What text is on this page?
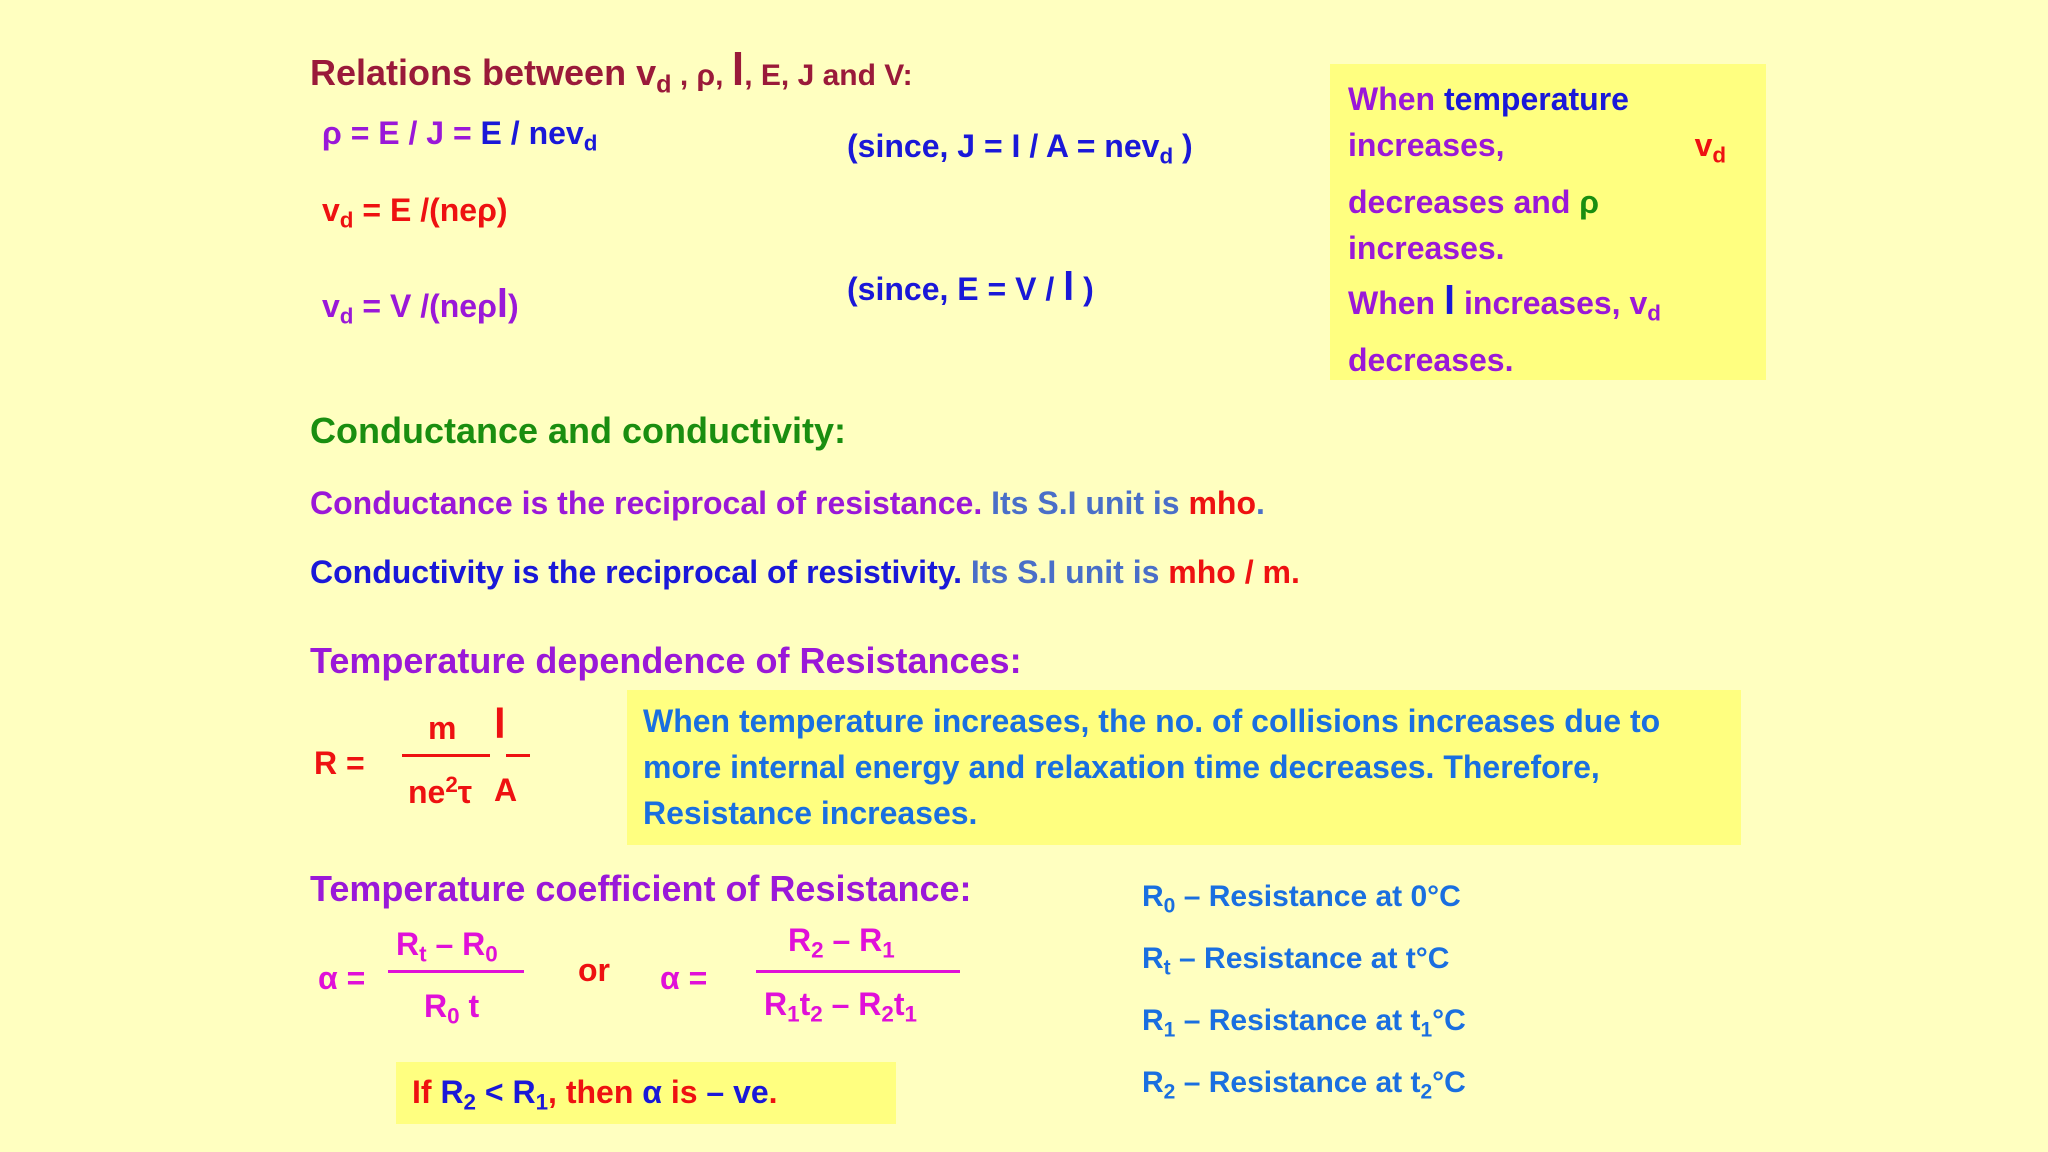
Relations between $v_d$ , ρ, l, E, J and V:
ρ = E / J = E / nev$_d$	(since, J = I / A = nev$_d$ )
$v_d = E$ /(neρ)
$v_d = V$ /(neρl)	(since, E = V / l )
When temperature
increases,	$v_d$
decreases and ρ
increases.
When l increases, $v_d$
decreases.
Conductance and conductivity:
Conductance is the reciprocal of resistance. Its S.I unit is mho.
Conductivity is the reciprocal of resistivity. Its S.I unit is mho / m.
Temperature dependence of Resistances:
R =
m l
$ne^2\tau$ A
When temperature increases, the no. of collisions increases due to more internal energy and relaxation time decreases. Therefore, Resistance increases.
Temperature coefficient of Resistance:
α =
$R_t - R_0$
$R_0$ t
or α =
$R_2 - R_1$
$R_1t_2 - R_2t_1$
If $R_2 < R_1$, then α is – ve.
$R_0$ – Resistance at 0°C
$R_t$ – Resistance at t°C
$R_1$ – Resistance at $t_1^\circ C$
$R_2$ – Resistance at $t_2^\circ C$
